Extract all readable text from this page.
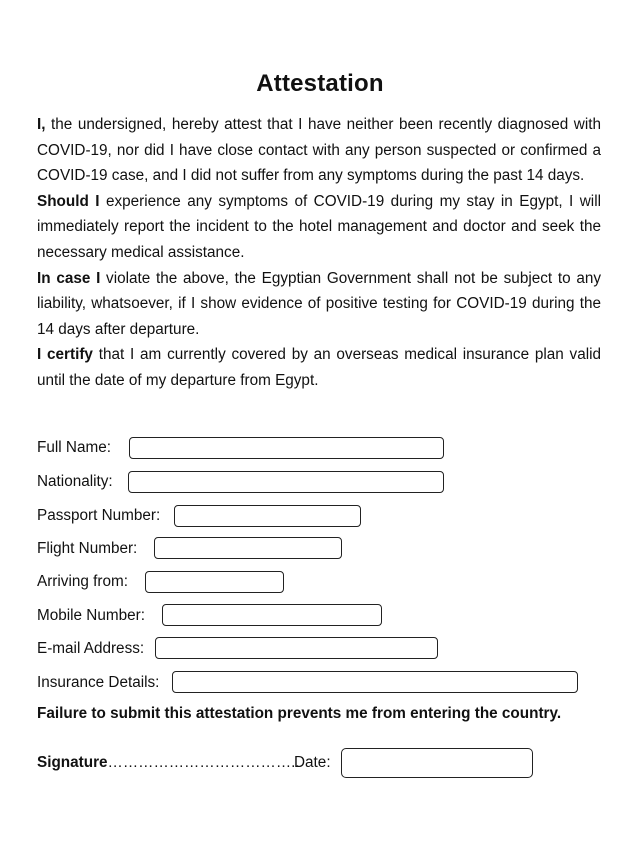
Attestation

I, the undersigned, hereby attest that I have neither been recently diagnosed with COVID-19, nor did I have close contact with any person suspected or confirmed a COVID-19 case, and I did not suffer from any symptoms during the past 14 days.

Should I experience any symptoms of COVID-19 during my stay in Egypt, I will immediately report the incident to the hotel management and doctor and seek the necessary medical assistance.

In case I violate the above, the Egyptian Government shall not be subject to any liability, whatsoever, if I show evidence of positive testing for COVID-19 during the 14 days after departure.

I certify that I am currently covered by an overseas medical insurance plan valid until the date of my departure from Egypt.

Full Name:
Nationality:
Passport Number:
Flight Number:
Arriving from:
Mobile Number:
E-mail Address:
Insurance Details:
Failure to submit this attestation prevents me from entering the country.
Signature………………………………..
Date:
